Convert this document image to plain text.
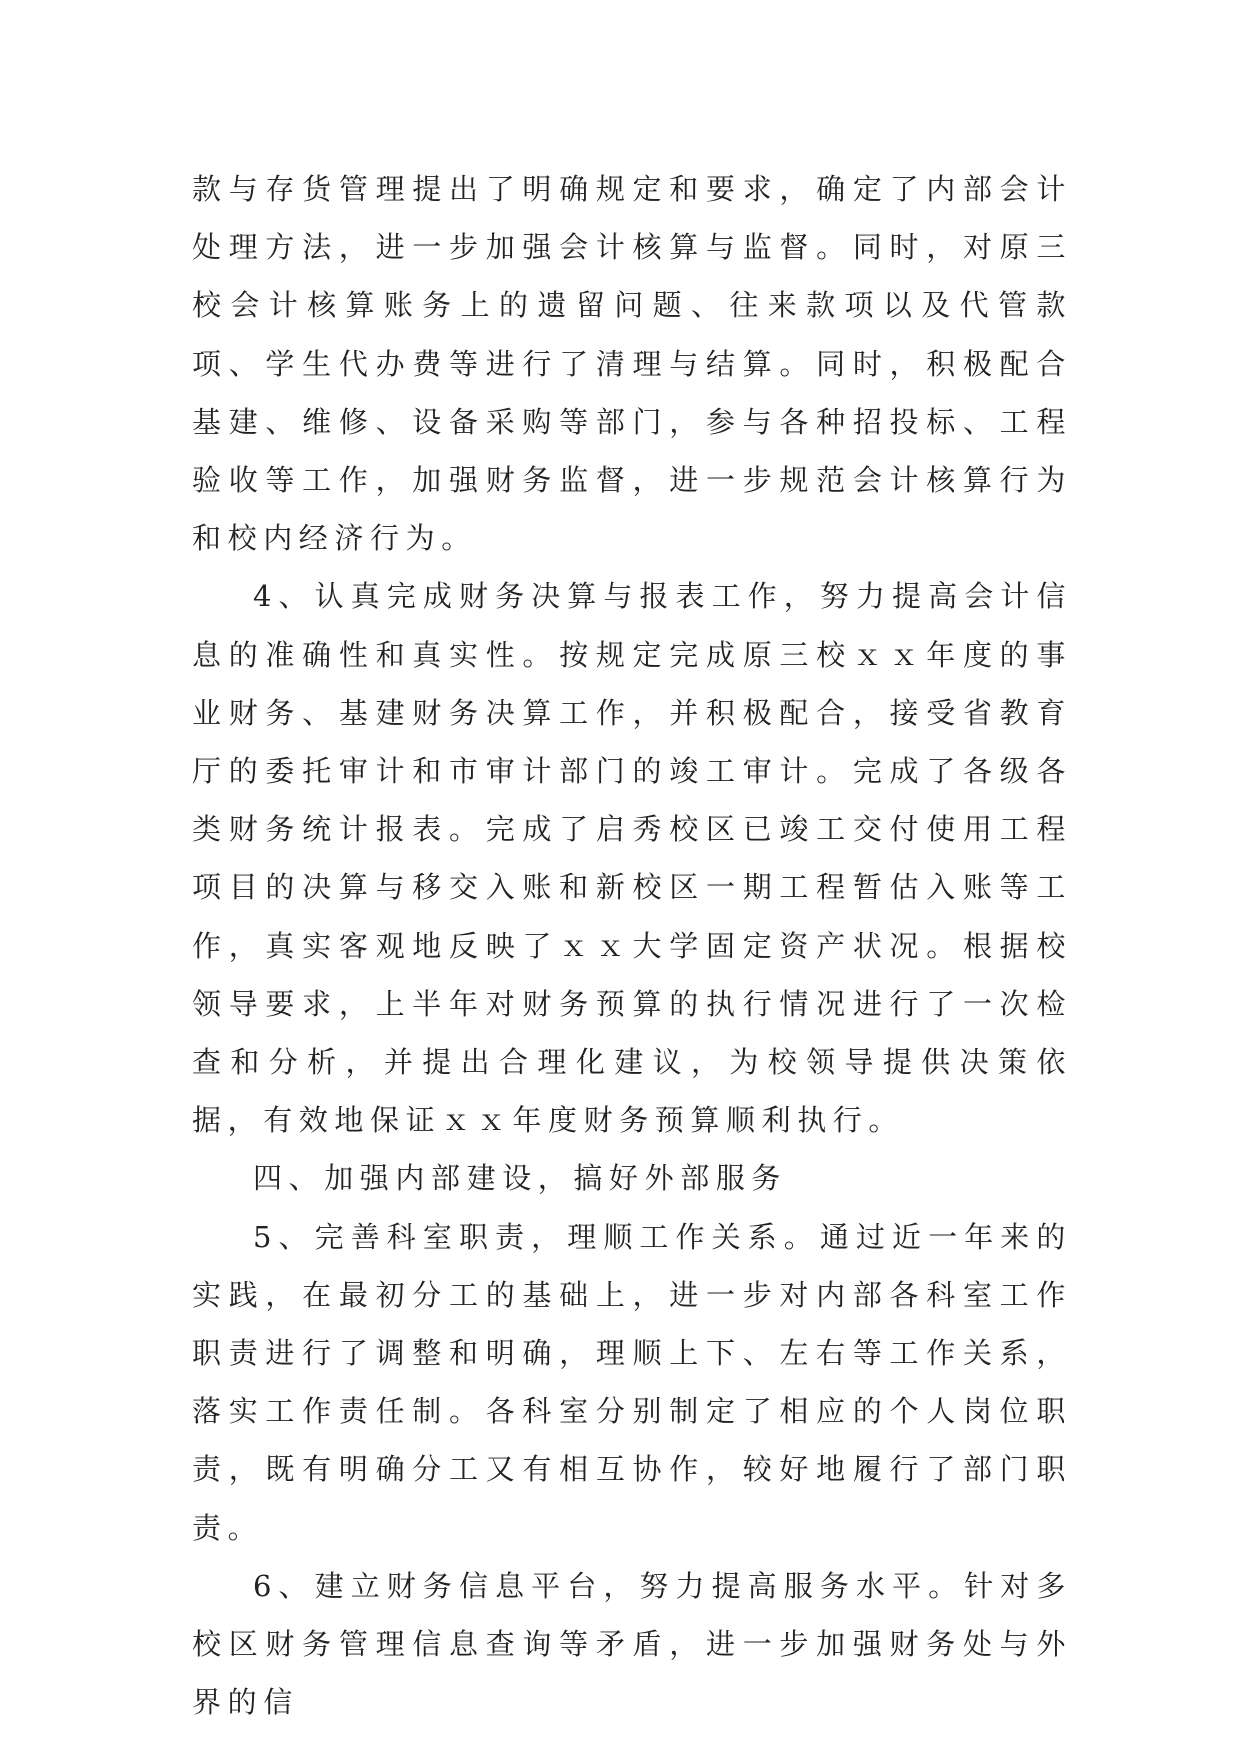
款与存货管理提出了明确规定和要求，确定了内部会计处理方法，进一步加强会计核算与监督。同时，对原三校会计核算账务上的遗留问题、往来款项以及代管款项、学生代办费等进行了清理与结算。同时，积极配合基建、维修、设备采购等部门，参与各种招投标、工程验收等工作，加强财务监督，进一步规范会计核算行为和校内经济行为。

4、认真完成财务决算与报表工作，努力提高会计信息的准确性和真实性。按规定完成原三校ｘｘ年度的事业财务、基建财务决算工作，并积极配合，接受省教育厅的委托审计和市审计部门的竣工审计。完成了各级各类财务统计报表。完成了启秀校区已竣工交付使用工程项目的决算与移交入账和新校区一期工程暂估入账等工作，真实客观地反映了ｘｘ大学固定资产状况。根据校领导要求，上半年对财务预算的执行情况进行了一次检查和分析，并提出合理化建议，为校领导提供决策依据，有效地保证ｘｘ年度财务预算顺利执行。

四、加强内部建设，搞好外部服务

5、完善科室职责，理顺工作关系。通过近一年来的实践，在最初分工的基础上，进一步对内部各科室工作职责进行了调整和明确，理顺上下、左右等工作关系，落实工作责任制。各科室分别制定了相应的个人岗位职责，既有明确分工又有相互协作，较好地履行了部门职责。

6、建立财务信息平台，努力提高服务水平。针对多校区财务管理信息查询等矛盾，进一步加强财务处与外界的信
